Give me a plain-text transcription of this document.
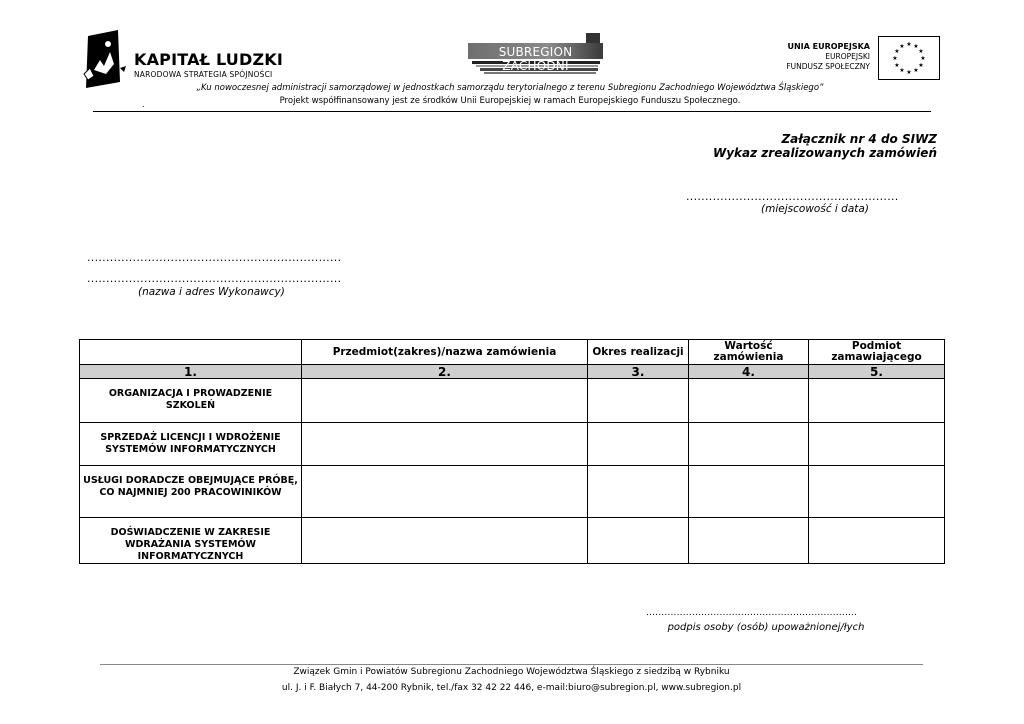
KAPITAŁ LUDZKI
NARODOWA STRATEGIA SPÓJNOŚCI
SUBREGION ZACHODNI
UNIA EUROPEJSKA
EUROPEJSKI
FUNDUSZ SPOŁECZNY
★ ★
★
★
★
★
★
★
★
★
★
★
„Ku nowoczesnej administracji samorządowej w jednostkach samorządu terytorialnego z terenu Subregionu Zachodniego Województwa Śląskiego”
.	Projekt współfinansowany jest ze środków Unii Europejskiej w ramach Europejskiego Funduszu Społecznego.
Załącznik nr 4 do SIWZ
Wykaz zrealizowanych zamówień
........................................................
(miejscowość i data)
...................................................................
...................................................................
(nazwa i adres Wykonawcy)
	Przedmiot(zakres)/nazwa zamówienia	Okres realizacji	Wartość zamówienia	Podmiot zamawiającego
1.	2.	3.	4.	5.
ORGANIZACJA I PROWADZENIE SZKOLEŃ				
SPRZEDAŻ LICENCJI I WDROŻENIE SYSTEMÓW INFORMATYCZNYCH				
USŁUGI DORADCZE OBEJMUJĄCE PRÓBĘ, CO NAJMNIEJ 200 PRACOWINIKÓW				
DOŚWIADCZENIE W ZAKRESIE WDRAŻANIA SYSTEMÓW INFORMATYCZNYCH				
.....................................................................
podpis osoby (osób) upoważnionej/łych
Związek Gmin i Powiatów Subregionu Zachodniego Województwa Śląskiego z siedzibą w Rybniku
ul. J. i F. Białych 7, 44-200 Rybnik, tel./fax 32 42 22 446, e-mail:biuro@subregion.pl, www.subregion.pl
